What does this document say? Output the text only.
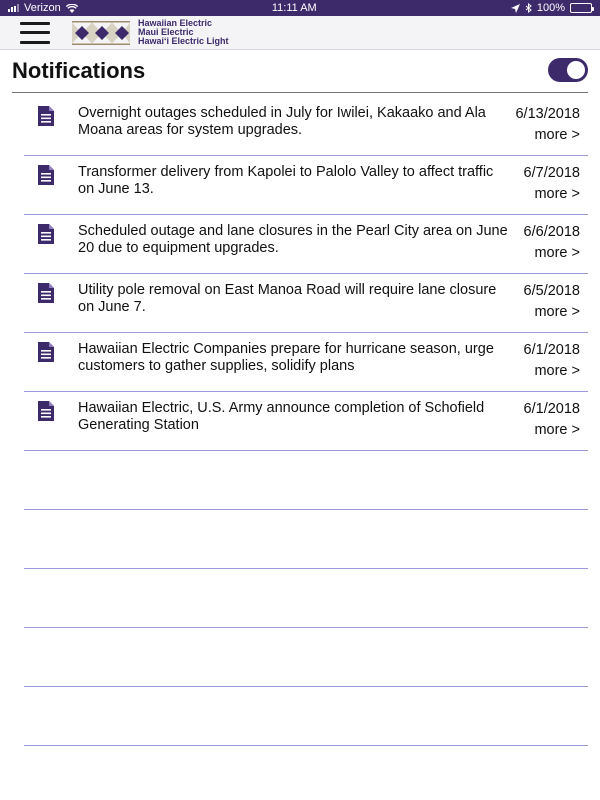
Verizon	11:11 AM	100%
Hawaiian Electric
Maui Electric
Hawai‘i Electric Light
Notifications
Overnight outages scheduled in July for Iwilei, Kakaako and Ala Moana areas for system upgrades.
6/13/2018
more >
Transformer delivery from Kapolei to Palolo Valley to affect traffic on June 13.
6/7/2018
more >
Scheduled outage and lane closures in the Pearl City area on June 20 due to equipment upgrades.
6/6/2018
more >
Utility pole removal on East Manoa Road will require lane closure on June 7.
6/5/2018
more >
Hawaiian Electric Companies prepare for hurricane season, urge customers to gather supplies, solidify plans
6/1/2018
more >
Hawaiian Electric, U.S. Army announce completion of Schofield Generating Station
6/1/2018
more >
